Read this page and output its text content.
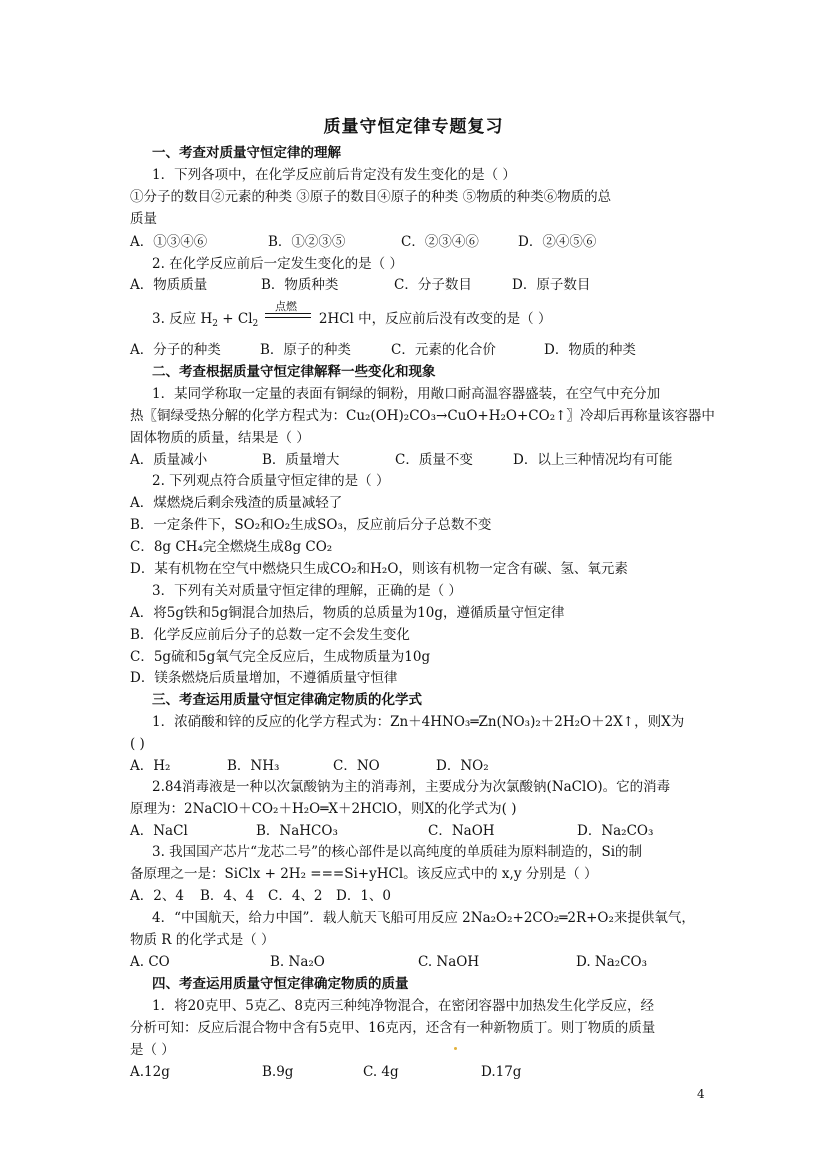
质量守恒定律专题复习
一、考查对质量守恒定律的理解
1．下列各项中，在化学反应前后肯定没有发生变化的是（ ）
①分子的数目②元素的种类 ③原子的数目④原子的种类 ⑤物质的种类⑥物质的总
质量
A．①③④⑥	B．①②③⑤	C．②③④⑥	D．②④⑤⑥
2. 在化学反应前后一定发生变化的是（ ）
A．物质质量	B．物质种类	C．分子数目	D．原子数目
3. 反应 $H_2 + Cl_2$	2HCl 中，反应前后没有改变的是（ ）
点燃
A．分子的种类	B．原子的种类	C．元素的化合价	D．物质的种类
二、考查根据质量守恒定律解释一些变化和现象
1．某同学称取一定量的表面有铜绿的铜粉，用敞口耐高温容器盛装，在空气中充分加
热〖铜绿受热分解的化学方程式为：Cu₂(OH)₂CO₃→CuO+H₂O+CO₂↑〗冷却后再称量该容器中
固体物质的质量，结果是（ ）
A．质量减小	B．质量增大	C．质量不变	D．以上三种情况均有可能
2. 下列观点符合质量守恒定律的是（ ）
A．煤燃烧后剩余残渣的质量减轻了
B．一定条件下，SO₂和O₂生成SO₃，反应前后分子总数不变
C．8g CH₄完全燃烧生成8g CO₂
D．某有机物在空气中燃烧只生成CO₂和H₂O，则该有机物一定含有碳、氢、氧元素
3．下列有关对质量守恒定律的理解，正确的是（ ）
A．将5g铁和5g铜混合加热后，物质的总质量为10g，遵循质量守恒定律
B．化学反应前后分子的总数一定不会发生变化
C．5g硫和5g氧气完全反应后，生成物质量为10g
D．镁条燃烧后质量增加，不遵循质量守恒律
三、考查运用质量守恒定律确定物质的化学式
1．浓硝酸和锌的反应的化学方程式为：Zn＋4HNO₃═Zn(NO₃)₂＋2H₂O＋2X↑，则X为
( )
A．H₂	B．NH₃	C．NO	D．NO₂
2.84消毒液是一种以次氯酸钠为主的消毒剂，主要成分为次氯酸钠(NaClO)。它的消毒
原理为：2NaClO＋CO₂＋H₂O═X＋2HClO，则X的化学式为( )
A．NaCl	B．NaHCO₃	C．NaOH	D．Na₂CO₃
3. 我国国产芯片“龙芯二号”的核心部件是以高纯度的单质硅为原料制造的，Si的制
备原理之一是：SiClx + 2H₂ ===Si+yHCl。该反应式中的 x,y 分别是（ ）
A．2、4 B．4、4 C．4、2 D．1、0
4．“中国航天，给力中国”．载人航天飞船可用反应 2Na₂O₂+2CO₂═2R+O₂来提供氧气，
物质 R 的化学式是（ ）
A. CO	B. Na₂O	C. NaOH	D. Na₂CO₃
四、考查运用质量守恒定律确定物质的质量
1．将20克甲、5克乙、8克丙三种纯净物混合，在密闭容器中加热发生化学反应，经
分析可知：反应后混合物中含有5克甲、16克丙，还含有一种新物质丁。则丁物质的质量
是（ ）
A.12g	B.9g	C. 4g	D.17g
4
